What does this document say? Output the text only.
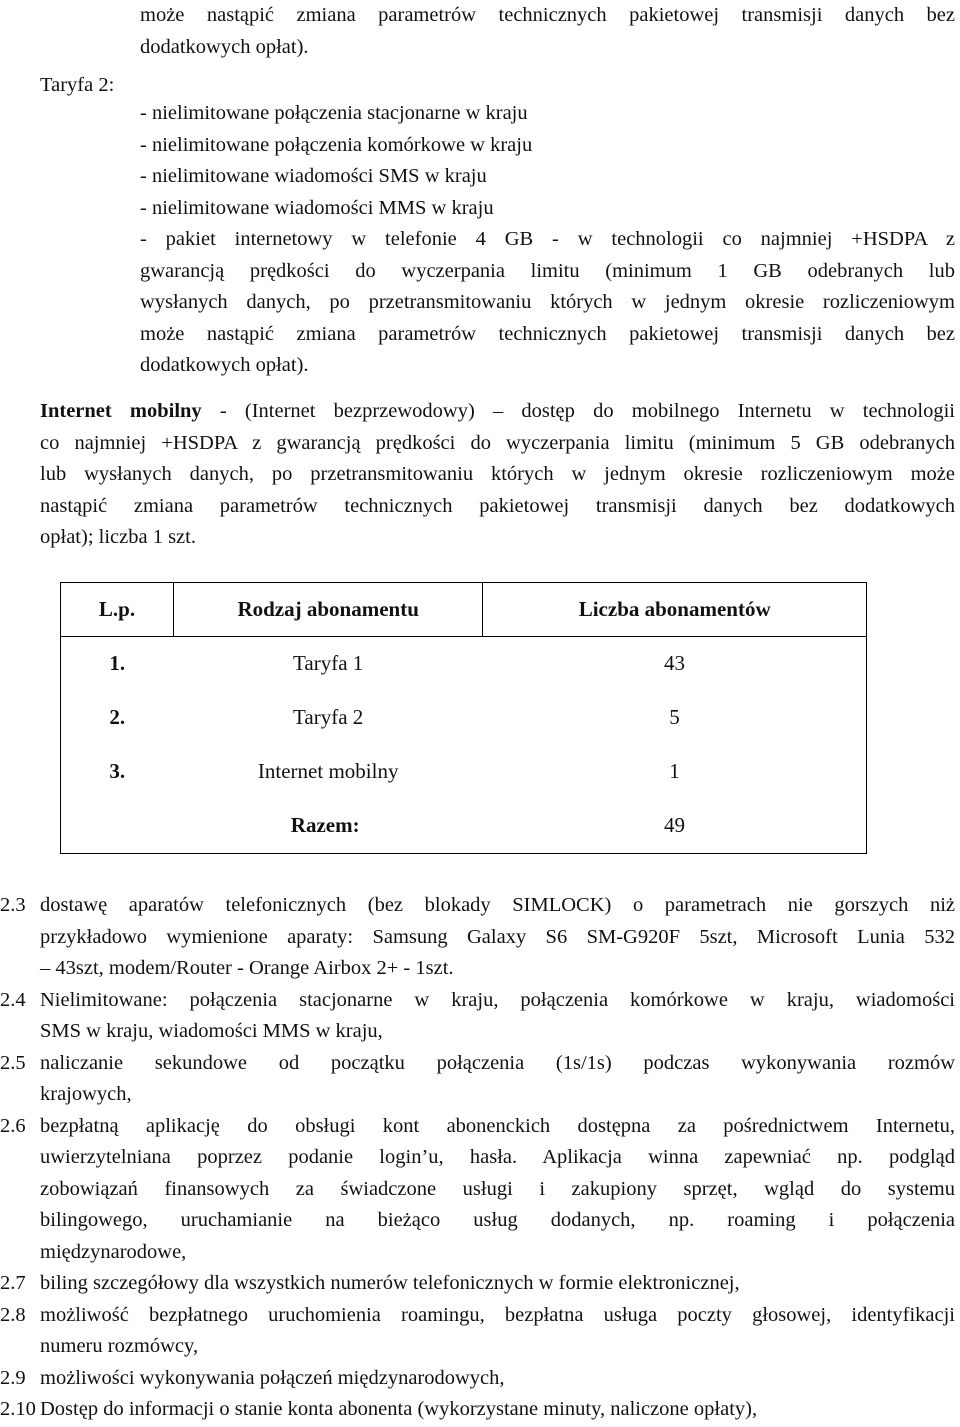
może nastąpić zmiana parametrów technicznych pakietowej transmisji danych bez
dodatkowych opłat).
Taryfa 2:
- nielimitowane połączenia stacjonarne w kraju
- nielimitowane połączenia komórkowe w kraju
- nielimitowane wiadomości SMS w kraju
- nielimitowane wiadomości MMS w kraju
- pakiet internetowy w telefonie 4 GB - w technologii co najmniej +HSDPA z
gwarancją prędkości do wyczerpania limitu (minimum 1 GB odebranych lub
wysłanych danych, po przetransmitowaniu których w jednym okresie rozliczeniowym
może nastąpić zmiana parametrów technicznych pakietowej transmisji danych bez
dodatkowych opłat).
Internet mobilny - (Internet bezprzewodowy) ‒ dostęp do mobilnego Internetu w technologii
co najmniej +HSDPA z gwarancją prędkości do wyczerpania limitu (minimum 5 GB odebranych
lub wysłanych danych, po przetransmitowaniu których w jednym okresie rozliczeniowym może
nastąpić zmiana parametrów technicznych pakietowej transmisji danych bez dodatkowych
opłat); liczba 1 szt.
L.p.	Rodzaj abonamentu	Liczba abonamentów
1.	Taryfa 1	43
2.	Taryfa 2	5
3.	Internet mobilny	1
	Razem:	49
2.3 dostawę aparatów telefonicznych (bez blokady SIMLOCK) o parametrach nie gorszych niż
przykładowo wymienione aparaty: Samsung Galaxy S6 SM-G920F 5szt, Microsoft Lunia 532
‒ 43szt, modem/Router - Orange Airbox 2+ - 1szt.
2.4 Nielimitowane: połączenia stacjonarne w kraju, połączenia komórkowe w kraju, wiadomości
SMS w kraju, wiadomości MMS w kraju,
2.5 naliczanie sekundowe od początku połączenia (1s/1s) podczas wykonywania rozmów
krajowych,
2.6 bezpłatną aplikację do obsługi kont abonenckich dostępna za pośrednictwem Internetu,
uwierzytelniana poprzez podanie login’u, hasła. Aplikacja winna zapewniać np. podgląd
zobowiązań finansowych za świadczone usługi i zakupiony sprzęt, wgląd do systemu
bilingowego, uruchamianie na bieżąco usług dodanych, np. roaming i połączenia
międzynarodowe,
2.7 biling szczegółowy dla wszystkich numerów telefonicznych w formie elektronicznej,
2.8 możliwość bezpłatnego uruchomienia roamingu, bezpłatna usługa poczty głosowej, identyfikacji
numeru rozmówcy,
2.9 możliwości wykonywania połączeń międzynarodowych,
2.10 Dostęp do informacji o stanie konta abonenta (wykorzystane minuty, naliczone opłaty),
